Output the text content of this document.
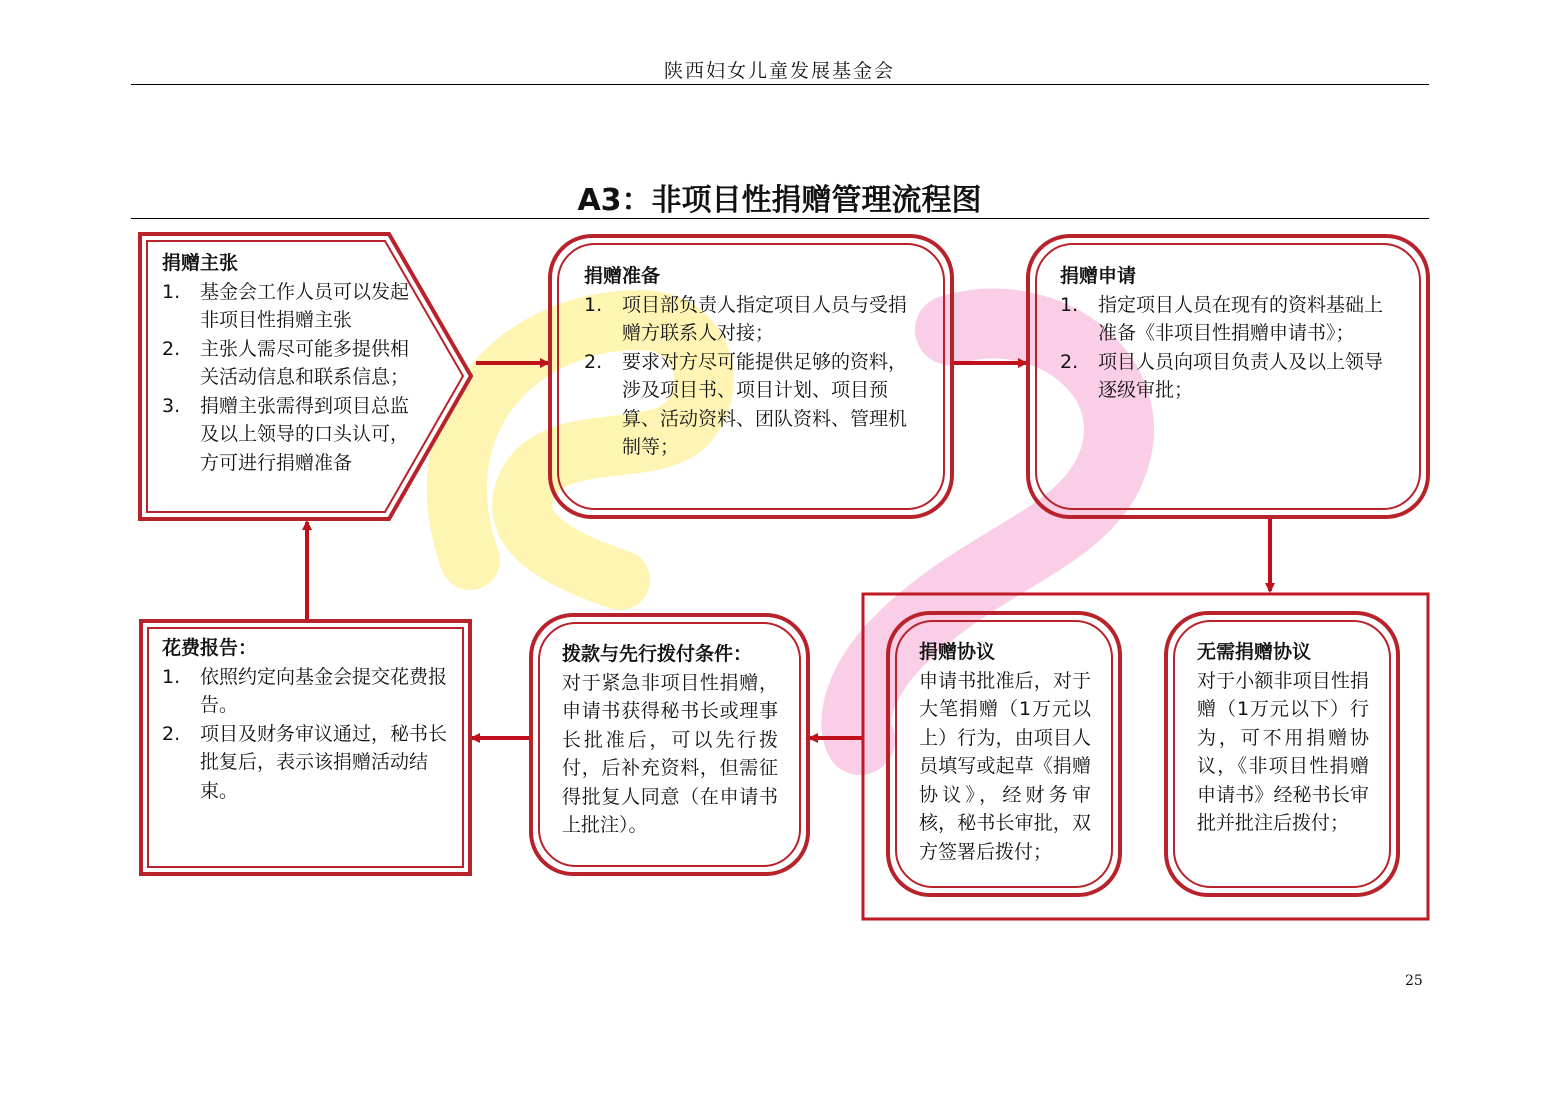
陕西妇女儿童发展基金会
A3：非项目性捐赠管理流程图
捐赠主张
1.	基金会工作人员可以发起非项目性捐赠主张
2.	主张人需尽可能多提供相关活动信息和联系信息；
3.	捐赠主张需得到项目总监及以上领导的口头认可，方可进行捐赠准备
捐赠准备
1.	项目部负责人指定项目人员与受捐赠方联系人对接；
2.	要求对方尽可能提供足够的资料，涉及项目书、项目计划、项目预算、活动资料、团队资料、管理机制等；
捐赠申请
1.	指定项目人员在现有的资料基础上准备《非项目性捐赠申请书》；
2.	项目人员向项目负责人及以上领导逐级审批；
捐赠协议
申请书批准后，对于大笔捐赠（1万元以上）行为，由项目人员填写或起草《捐赠协议》，经财务审核，秘书长审批，双方签署后拨付；
无需捐赠协议
对于小额非项目性捐赠（1万元以下）行为，可不用捐赠协议，《非项目性捐赠申请书》经秘书长审批并批注后拨付；
拨款与先行拨付条件：
对于紧急非项目性捐赠，申请书获得秘书长或理事长批准后，可以先行拨付，后补充资料，但需征得批复人同意（在申请书上批注）。
花费报告：
1.	依照约定向基金会提交花费报告。
2.	项目及财务审议通过，秘书长批复后，表示该捐赠活动结束。
25
